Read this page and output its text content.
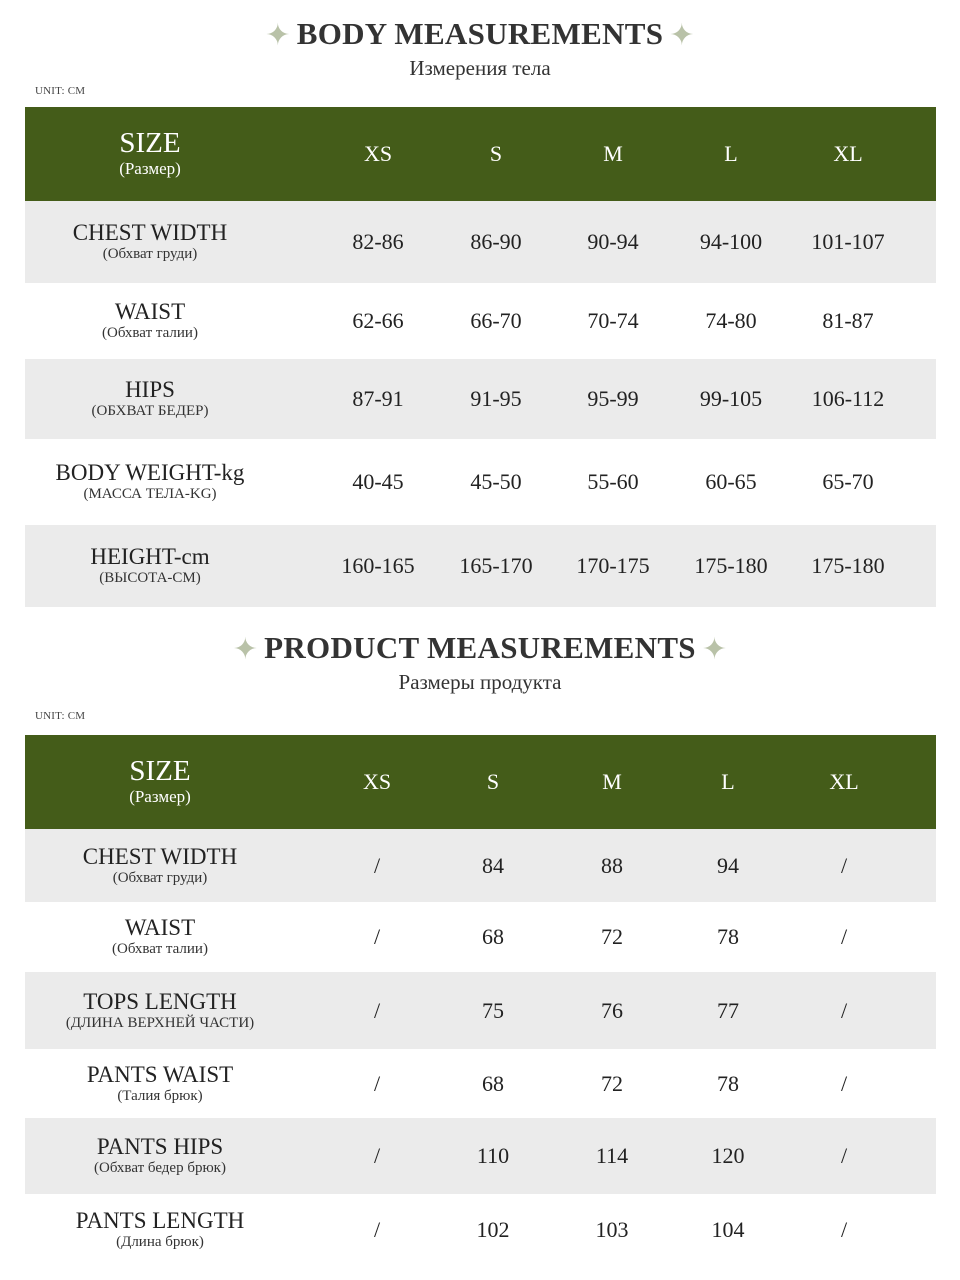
✦ BODY MEASUREMENTS ✦
Измерения тела
UNIT: CM
SIZE
(Размер)
XS	S	M	L	XL
CHEST WIDTH
(Обхват груди)	82-86	86-90	90-94	94-100	101-107
WAIST
(Обхват талии)	62-66	66-70	70-74	74-80	81-87
HIPS
(ОБХВАТ БЕДЕР)	87-91	91-95	95-99	99-105	106-112
BODY WEIGHT-kg
(МАССА ТЕЛА-KG)	40-45	45-50	55-60	60-65	65-70
HEIGHT-cm
(ВЫСОТА-CM)	160-165	165-170	170-175	175-180	175-180
✦ PRODUCT MEASUREMENTS ✦
Размеры продукта
UNIT: CM
SIZE
(Размер)
XS	S	M	L	XL
CHEST WIDTH
(Обхват груди)	/	84	88	94	/
WAIST
(Обхват талии)	/	68	72	78	/
TOPS LENGTH
(ДЛИНА ВЕРХНЕЙ ЧАСТИ)	/	75	76	77	/
PANTS WAIST
(Талия брюк)	/	68	72	78	/
PANTS HIPS
(Обхват бедер брюк)	/	110	114	120	/
PANTS LENGTH
(Длина брюк)	/	102	103	104	/
